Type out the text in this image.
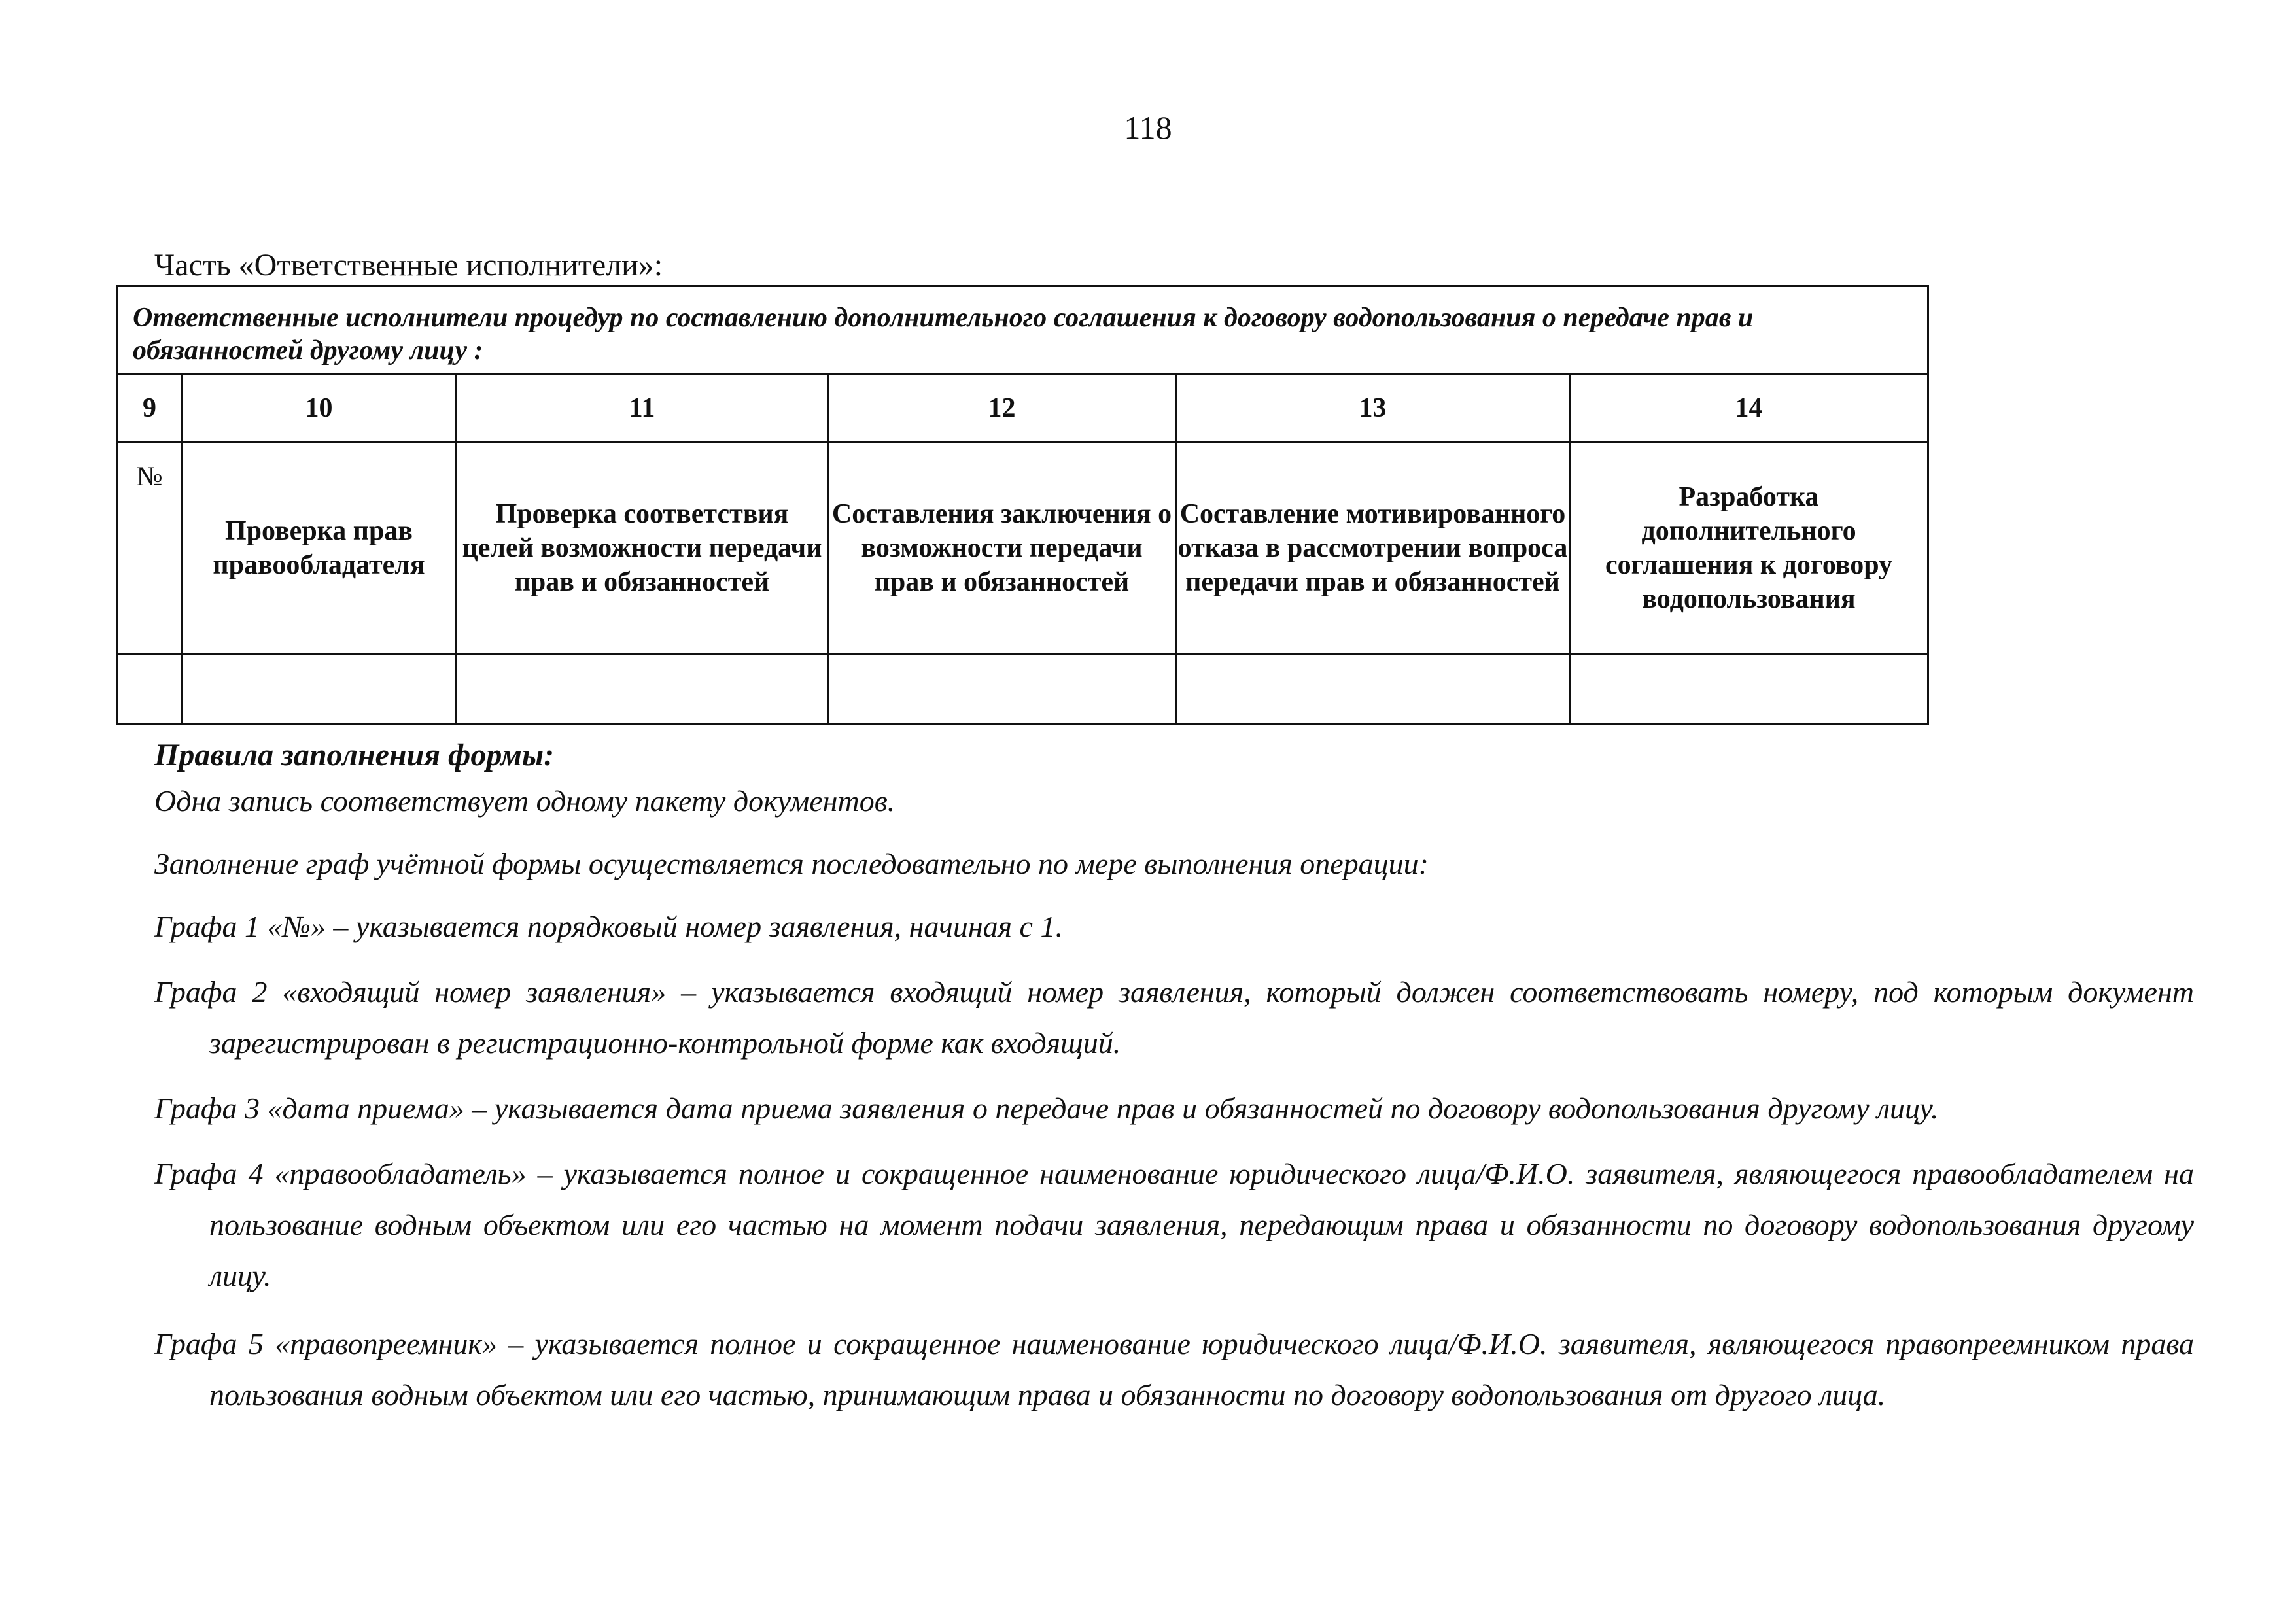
118
Часть «Ответственные исполнители»:
Ответственные исполнители процедур по составлению дополнительного соглашения к договору водопользования о передаче прав и обязанностей другому лицу :					
9	10	11	12	13	14
№	Проверка прав правообладателя	Проверка соответствия целей возможности передачи прав и обязанностей	Составления заключения о возможности передачи прав и обязанностей	Составление мотивированного отказа в рассмотрении вопроса передачи прав и обязанностей	Разработка дополнительного соглашения к договору водопользования

Правила заполнения формы:

Одна запись соответствует одному пакету документов.

Заполнение граф учётной формы осуществляется последовательно по мере выполнения операции:

Графа 1 «№» – указывается порядковый номер заявления, начиная с 1.

Графа 2 «входящий номер заявления» – указывается входящий номер заявления, который должен соответствовать номеру, под которым документ зарегистрирован в регистрационно-контрольной форме как входящий.

Графа 3 «дата приема» – указывается дата приема заявления о передаче прав и обязанностей по договору водопользования другому лицу.

Графа 4 «правообладатель» – указывается полное и сокращенное наименование юридического лица/Ф.И.О. заявителя, являющегося правообладателем на пользование водным объектом или его частью на момент подачи заявления, передающим права и обязанности по договору водопользования другому лицу.

Графа 5 «правопреемник» – указывается полное и сокращенное наименование юридического лица/Ф.И.О. заявителя, являющегося правопреемником права пользования водным объектом или его частью, принимающим права и обязанности по договору водопользования от другого лица.
